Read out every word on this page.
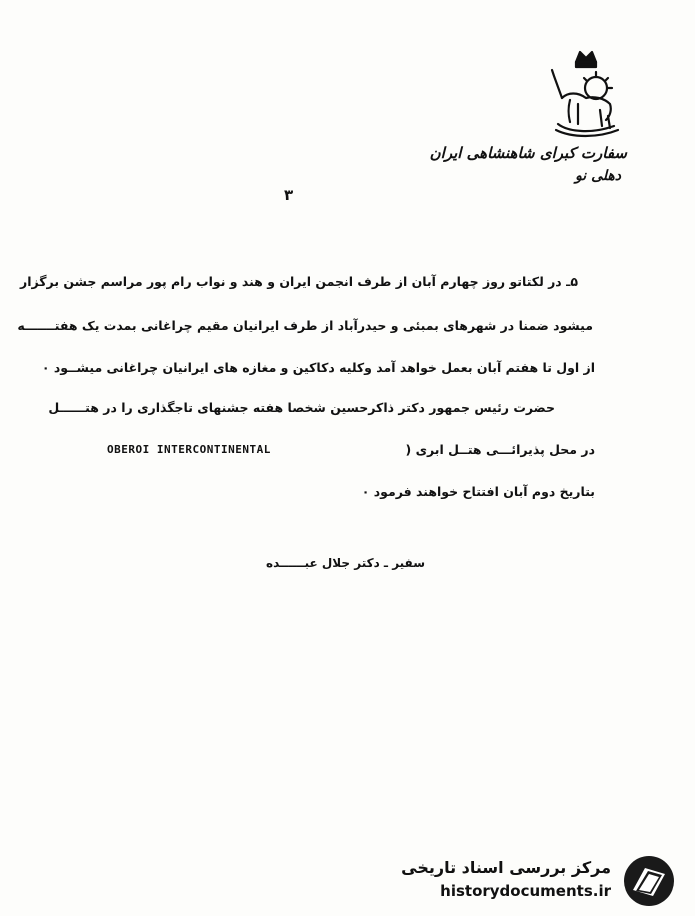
سفارت کبرای شاهنشاهی ایران
دهلی نو
۳
۵ـ در لکتاتو روز چهارم آبان از طرف انجمن ایران و هند و نواب رام پور مراسم جشن برگزار
میشود ضمنا در شهرهای بمبئی و حیدرآباد از طرف ایرانیان مقیم چراغانی بمدت یک هفتـــــــه
از اول تا هفتم آبان بعمل خواهد آمد وکلیه دکاکین و مغازه های ایرانیان چراغانی میشــود ۰
حضرت رئیس جمهور دکتر ذاکرحسین شخصا هفته جشنهای تاجگذاری را در هتــــــل
در محل پذیرائـــی هتــل ابری (
OBEROI INTERCONTINENTAL
بتاریخ دوم آبان افتتاح خواهند فرمود ۰
سفیر ـ دکتر جلال عبــــــده
مرکز بررسی اسناد تاریخی
historydocuments.ir
